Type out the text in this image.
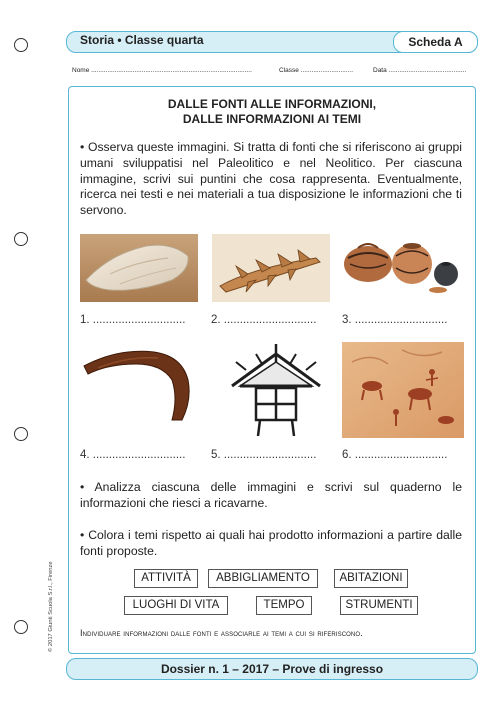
Storia • Classe quarta	Scheda A
Nome .........................................................................................	Classe .............................	Data ...........................................
DALLE FONTI ALLE INFORMAZIONI,
DALLE INFORMAZIONI AI TEMI
• Osserva queste immagini. Si tratta di fonti che si riferiscono ai gruppi umani sviluppatisi nel Paleolitico e nel Neolitico. Per ciascuna immagine, scrivi sui puntini che cosa rappresenta. Eventualmente, ricerca nei testi e nei materiali a tua disposizione le informazioni che ti servono.
1. ............................. 2. ............................. 3. .............................
4. ............................. 5. ............................. 6. .............................
• Analizza ciascuna delle immagini e scrivi sul quaderno le informazioni che riesci a ricavarne.
• Colora i temi rispetto ai quali hai prodotto informazioni a partire dalle fonti proposte.
ATTIVITÀ	ABBIGLIAMENTO	ABITAZIONI
LUOGHI DI VITA	TEMPO	STRUMENTI
Individuare informazioni dalle fonti e associarle ai temi a cui si riferiscono.
© 2017 Giunti Scuola S.r.l., Firenze
Dossier n. 1 – 2017 – Prove di ingresso
